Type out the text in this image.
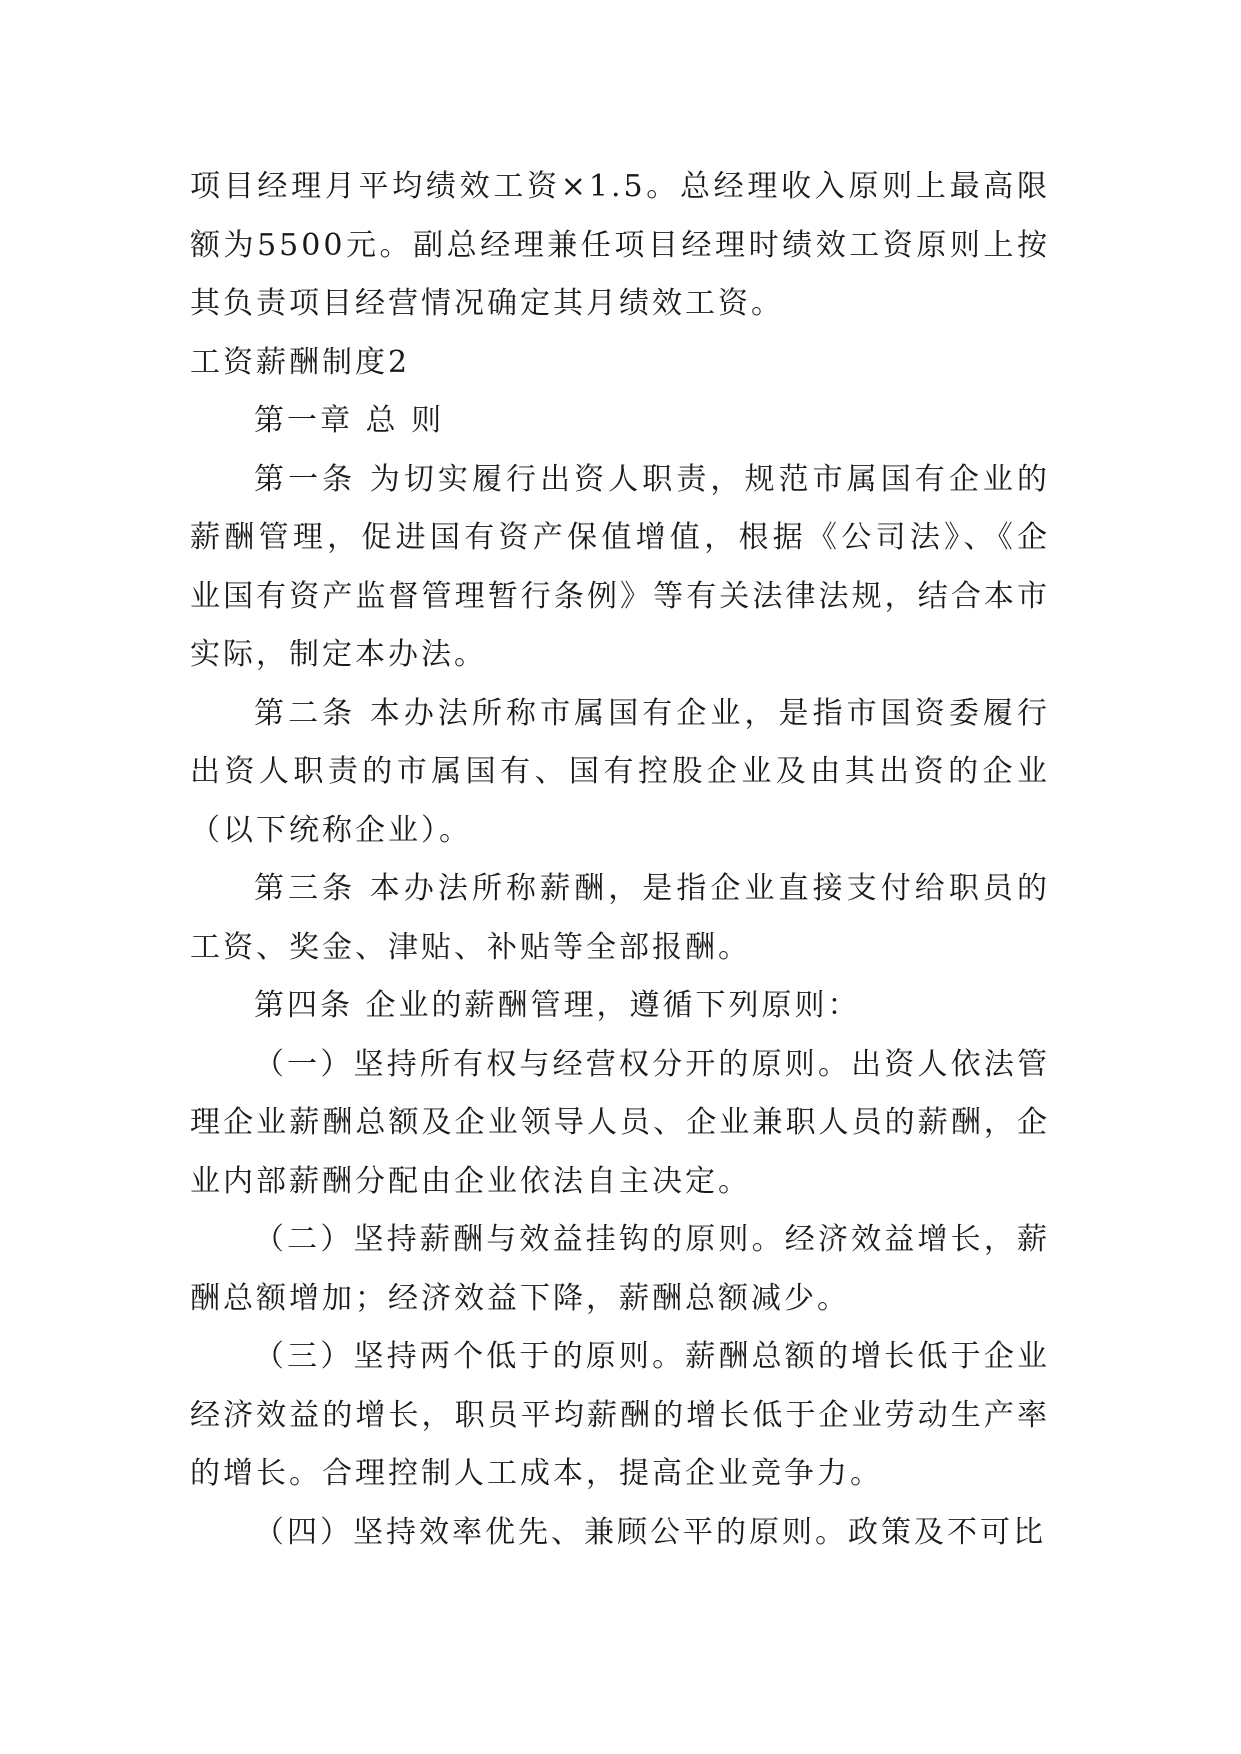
项目经理月平均绩效工资×1.5。总经理收入原则上最高限额为5500元。副总经理兼任项目经理时绩效工资原则上按其负责项目经营情况确定其月绩效工资。

工资薪酬制度2

第一章 总 则

第一条 为切实履行出资人职责，规范市属国有企业的薪酬管理，促进国有资产保值增值，根据《公司法》、《企业国有资产监督管理暂行条例》等有关法律法规，结合本市实际，制定本办法。

第二条 本办法所称市属国有企业，是指市国资委履行出资人职责的市属国有、国有控股企业及由其出资的企业（以下统称企业）。

第三条 本办法所称薪酬，是指企业直接支付给职员的工资、奖金、津贴、补贴等全部报酬。

第四条 企业的薪酬管理，遵循下列原则：

（一）坚持所有权与经营权分开的原则。出资人依法管理企业薪酬总额及企业领导人员、企业兼职人员的薪酬，企业内部薪酬分配由企业依法自主决定。

（二）坚持薪酬与效益挂钩的原则。经济效益增长，薪酬总额增加；经济效益下降，薪酬总额减少。

（三）坚持两个低于的原则。薪酬总额的增长低于企业经济效益的增长，职员平均薪酬的增长低于企业劳动生产率的增长。合理控制人工成本，提高企业竞争力。

（四）坚持效率优先、兼顾公平的原则。政策及不可比
